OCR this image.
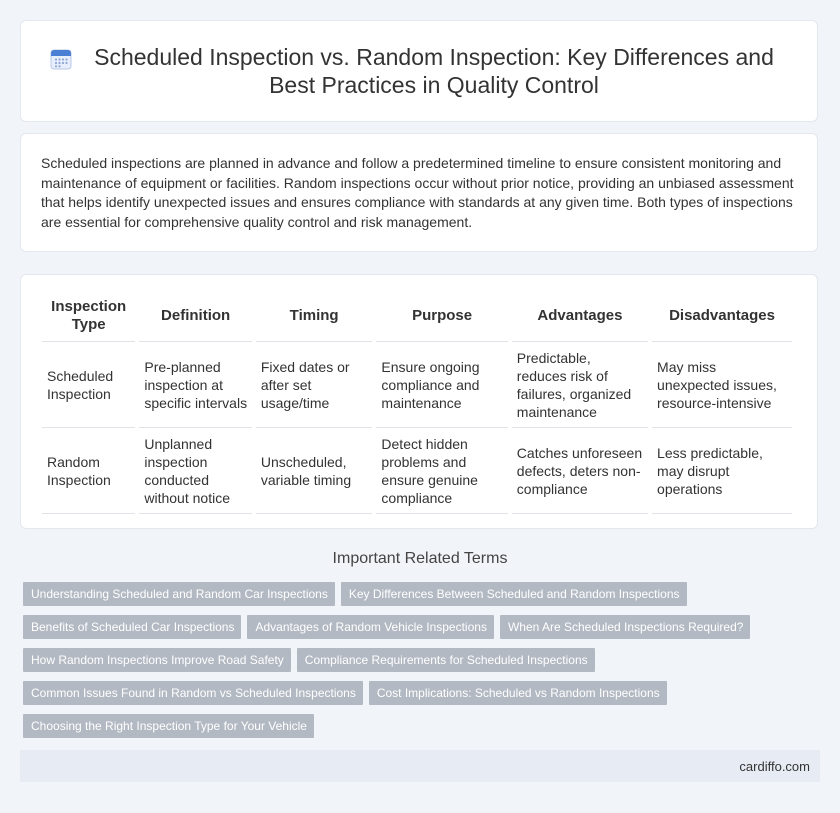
Scheduled Inspection vs. Random Inspection: Key Differences and Best Practices in Quality Control

Scheduled inspections are planned in advance and follow a predetermined timeline to ensure consistent monitoring and maintenance of equipment or facilities. Random inspections occur without prior notice, providing an unbiased assessment that helps identify unexpected issues and ensures compliance with standards at any given time. Both types of inspections are essential for comprehensive quality control and risk management.

Inspection Type	Definition	Timing	Purpose	Advantages	Disadvantages
Scheduled Inspection	Pre-planned inspection at specific intervals	Fixed dates or after set usage/time	Ensure ongoing compliance and maintenance	Predictable, reduces risk of failures, organized maintenance	May miss unexpected issues, resource-intensive
Random Inspection	Unplanned inspection conducted without notice	Unscheduled, variable timing	Detect hidden problems and ensure genuine compliance	Catches unforeseen defects, deters non-compliance	Less predictable, may disrupt operations
Important Related Terms
Understanding Scheduled and Random Car Inspections Key Differences Between Scheduled and Random Inspections
Benefits of Scheduled Car Inspections Advantages of Random Vehicle Inspections When Are Scheduled Inspections Required?
How Random Inspections Improve Road Safety Compliance Requirements for Scheduled Inspections
Common Issues Found in Random vs Scheduled Inspections Cost Implications: Scheduled vs Random Inspections
Choosing the Right Inspection Type for Your Vehicle
cardiffo.com
